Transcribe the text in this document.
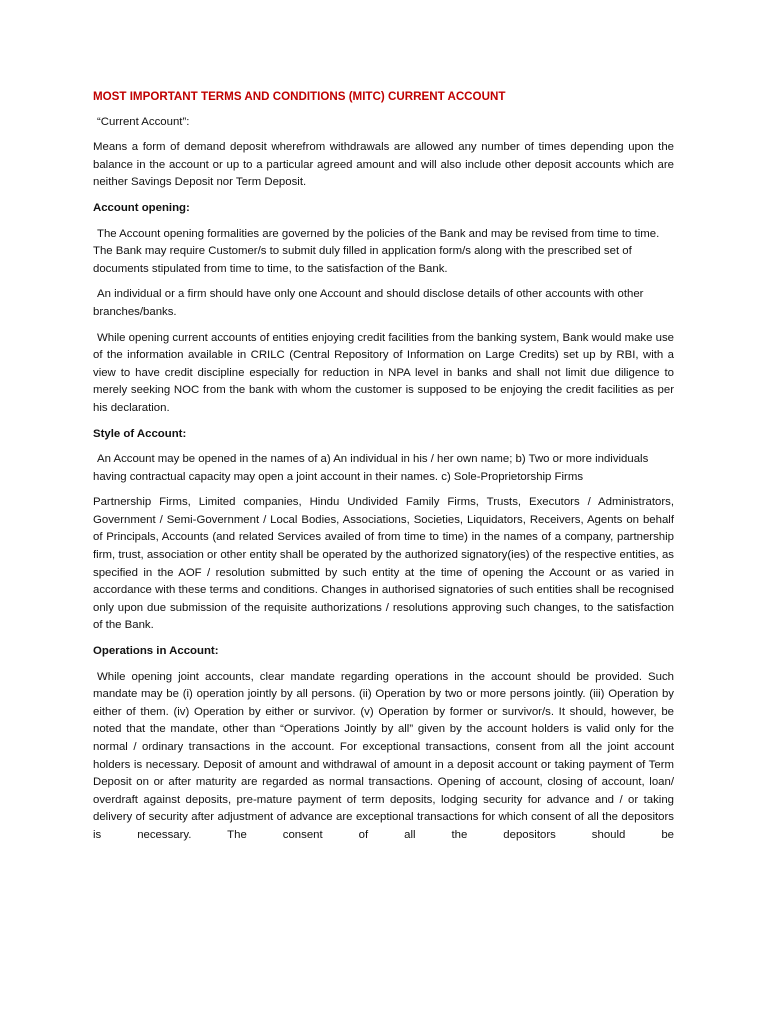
MOST IMPORTANT TERMS AND CONDITIONS (MITC) CURRENT ACCOUNT

“Current Account”:

Means a form of demand deposit wherefrom withdrawals are allowed any number of times depending upon the balance in the account or up to a particular agreed amount and will also include other deposit accounts which are neither Savings Deposit nor Term Deposit.

Account opening:

The Account opening formalities are governed by the policies of the Bank and may be revised from time to time. The Bank may require Customer/s to submit duly filled in application form/s along with the prescribed set of documents stipulated from time to time, to the satisfaction of the Bank.

An individual or a firm should have only one Account and should disclose details of other accounts with other branches/banks.

While opening current accounts of entities enjoying credit facilities from the banking system, Bank would make use of the information available in CRILC (Central Repository of Information on Large Credits) set up by RBI, with a view to have credit discipline especially for reduction in NPA level in banks and shall not limit due diligence to merely seeking NOC from the bank with whom the customer is supposed to be enjoying the credit facilities as per his declaration.

Style of Account:

An Account may be opened in the names of a) An individual in his / her own name; b) Two or more individuals having contractual capacity may open a joint account in their names. c) Sole-Proprietorship Firms

Partnership Firms, Limited companies, Hindu Undivided Family Firms, Trusts, Executors / Administrators, Government / Semi-Government / Local Bodies, Associations, Societies, Liquidators, Receivers, Agents on behalf of Principals, Accounts (and related Services availed of from time to time) in the names of a company, partnership firm, trust, association or other entity shall be operated by the authorized signatory(ies) of the respective entities, as specified in the AOF / resolution submitted by such entity at the time of opening the Account or as varied in accordance with these terms and conditions. Changes in authorised signatories of such entities shall be recognised only upon due submission of the requisite authorizations / resolutions approving such changes, to the satisfaction of the Bank.

Operations in Account:

While opening joint accounts, clear mandate regarding operations in the account should be provided. Such mandate may be (i) operation jointly by all persons. (ii) Operation by two or more persons jointly. (iii) Operation by either of them. (iv) Operation by either or survivor. (v) Operation by former or survivor/s. It should, however, be noted that the mandate, other than “Operations Jointly by all” given by the account holders is valid only for the normal / ordinary transactions in the account. For exceptional transactions, consent from all the joint account holders is necessary. Deposit of amount and withdrawal of amount in a deposit account or taking payment of Term Deposit on or after maturity are regarded as normal transactions. Opening of account, closing of account, loan/ overdraft against deposits, pre-mature payment of term deposits, lodging security for advance and / or taking delivery of security after adjustment of advance are exceptional transactions for which consent of all the depositors is necessary. The consent of all the depositors should be
